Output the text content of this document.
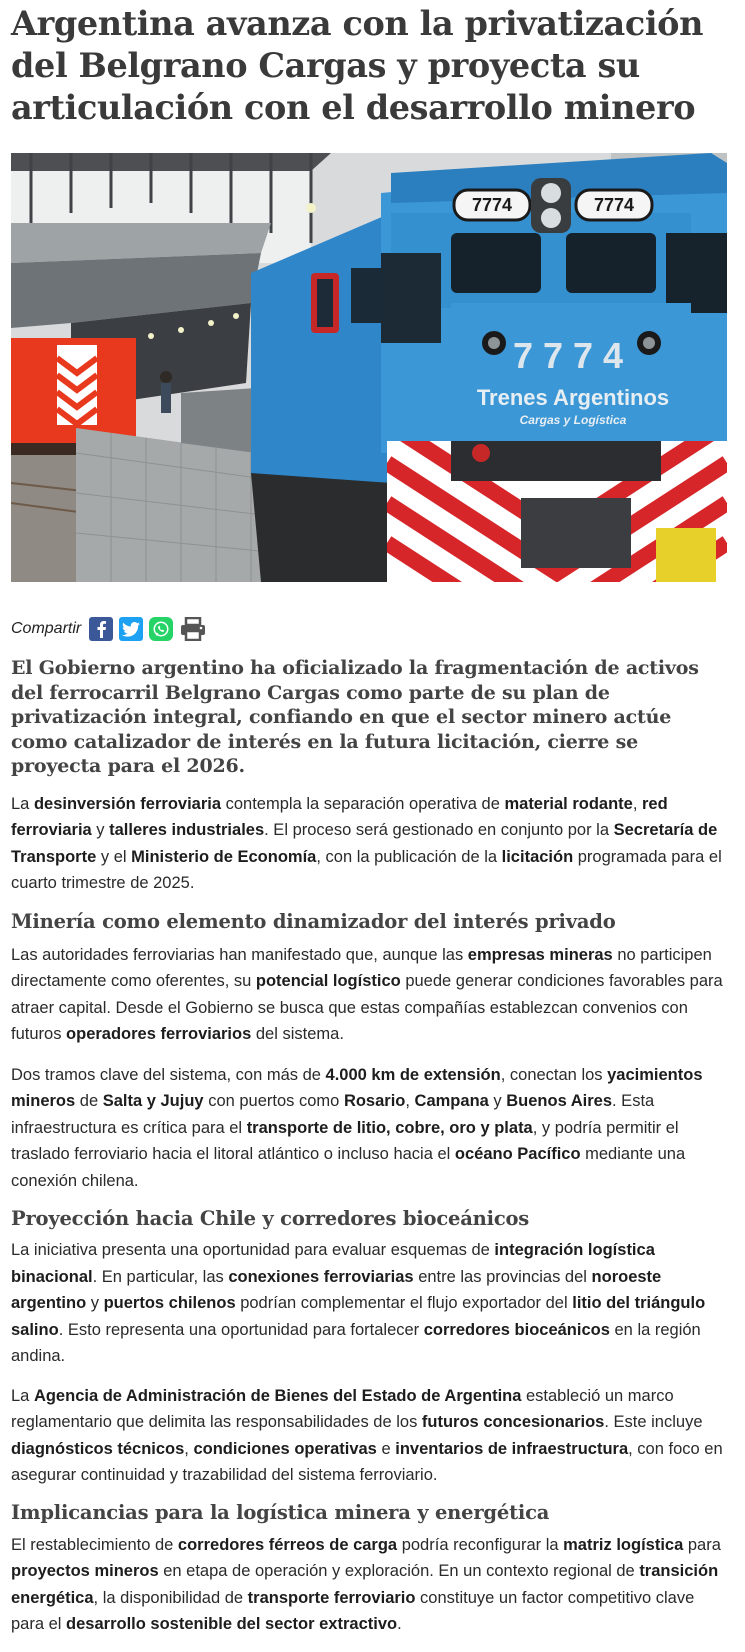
Argentina avanza con la privatización del Belgrano Cargas y proyecta su articulación con el desarrollo minero
7774	7774
7774
Trenes Argentinos
Cargas y Logística
Compartir

El Gobierno argentino ha oficializado la fragmentación de activos del ferrocarril Belgrano Cargas como parte de su plan de privatización integral, confiando en que el sector minero actúe como catalizador de interés en la futura licitación, cierre se proyecta para el 2026.

La desinversión ferroviaria contempla la separación operativa de material rodante, red ferroviaria y talleres industriales. El proceso será gestionado en conjunto por la Secretaría de Transporte y el Ministerio de Economía, con la publicación de la licitación programada para el cuarto trimestre de 2025.

Minería como elemento dinamizador del interés privado

Las autoridades ferroviarias han manifestado que, aunque las empresas mineras no participen directamente como oferentes, su potencial logístico puede generar condiciones favorables para atraer capital. Desde el Gobierno se busca que estas compañías establezcan convenios con futuros operadores ferroviarios del sistema.

Dos tramos clave del sistema, con más de 4.000 km de extensión, conectan los yacimientos mineros de Salta y Jujuy con puertos como Rosario, Campana y Buenos Aires. Esta infraestructura es crítica para el transporte de litio, cobre, oro y plata, y podría permitir el traslado ferroviario hacia el litoral atlántico o incluso hacia el océano Pacífico mediante una conexión chilena.

Proyección hacia Chile y corredores bioceánicos

La iniciativa presenta una oportunidad para evaluar esquemas de integración logística binacional. En particular, las conexiones ferroviarias entre las provincias del noroeste argentino y puertos chilenos podrían complementar el flujo exportador del litio del triángulo salino. Esto representa una oportunidad para fortalecer corredores bioceánicos en la región andina.

La Agencia de Administración de Bienes del Estado de Argentina estableció un marco reglamentario que delimita las responsabilidades de los futuros concesionarios. Este incluye diagnósticos técnicos, condiciones operativas e inventarios de infraestructura, con foco en asegurar continuidad y trazabilidad del sistema ferroviario.

Implicancias para la logística minera y energética

El restablecimiento de corredores férreos de carga podría reconfigurar la matriz logística para proyectos mineros en etapa de operación y exploración. En un contexto regional de transición energética, la disponibilidad de transporte ferroviario constituye un factor competitivo clave para el desarrollo sostenible del sector extractivo.
